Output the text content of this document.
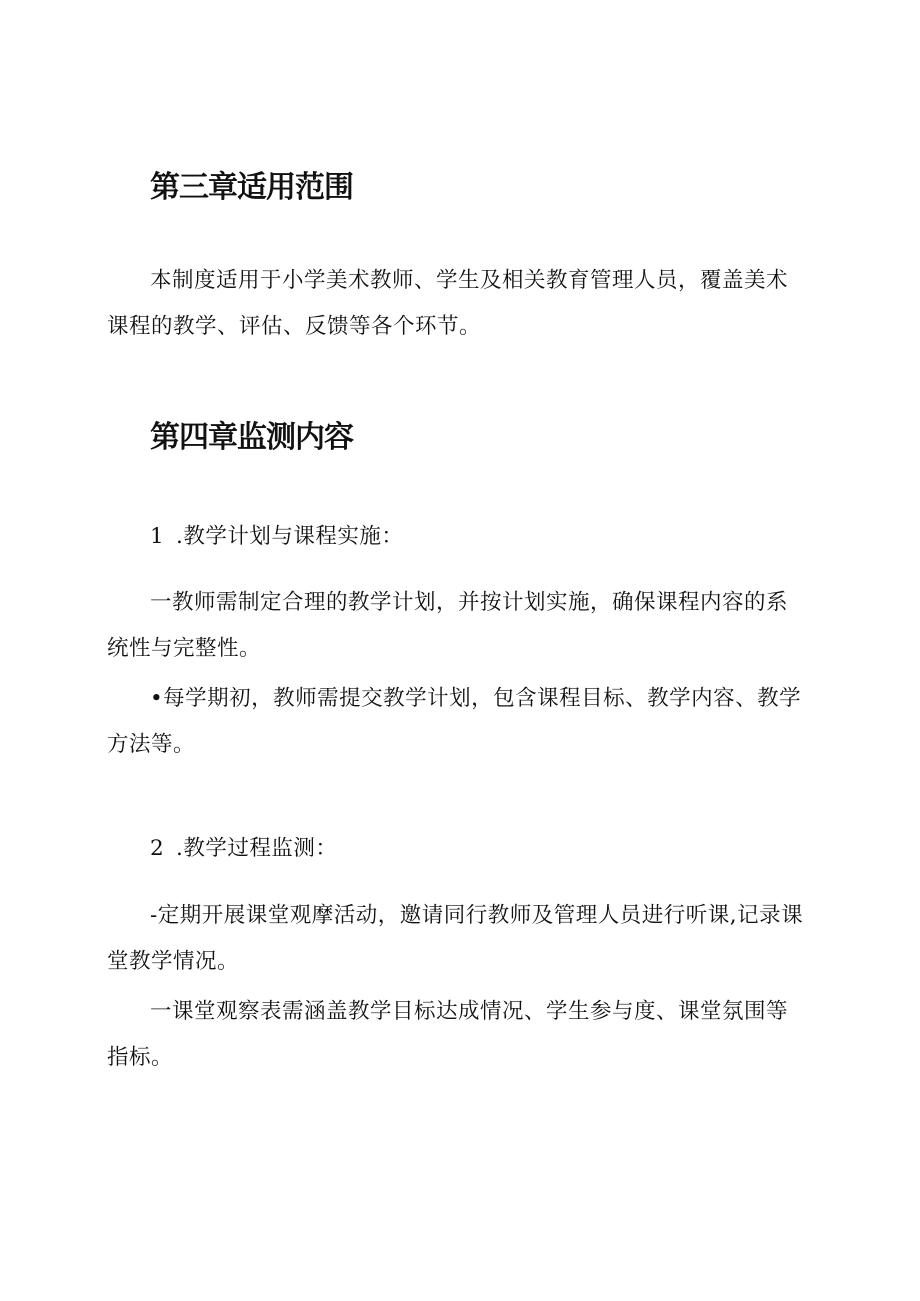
第三章适用范围
本制度适用于小学美术教师、学生及相关教育管理人员，覆盖美术课程的教学、评估、反馈等各个环节。
第四章监测内容
1 .教学计划与课程实施：
一教师需制定合理的教学计划，并按计划实施，确保课程内容的系统性与完整性。
•每学期初，教师需提交教学计划，包含课程目标、教学内容、教学方法等。
2 .教学过程监测：
-定期开展课堂观摩活动，邀请同行教师及管理人员进行听课,记录课堂教学情况。
一课堂观察表需涵盖教学目标达成情况、学生参与度、课堂氛围等指标。
